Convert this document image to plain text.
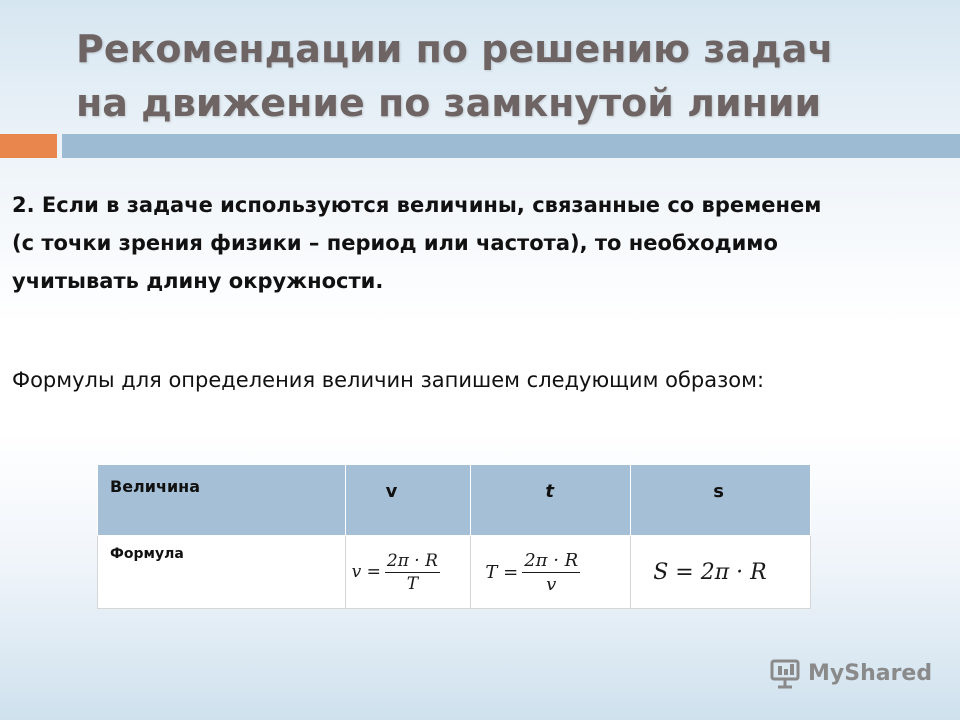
Рекомендации по решению задач
на движение по замкнутой линии
2. Если в задаче используются величины, связанные со временем
(с точки зрения физики – период или частота), то необходимо
учитывать длину окружности.
Формулы для определения величин запишем следующим образом:
Величина	v	t	s

Формула	$v = \frac{2\pi \cdot R}{T}$	$T = \frac{2\pi \cdot R}{v}$	S = 2π · R
MyShared
